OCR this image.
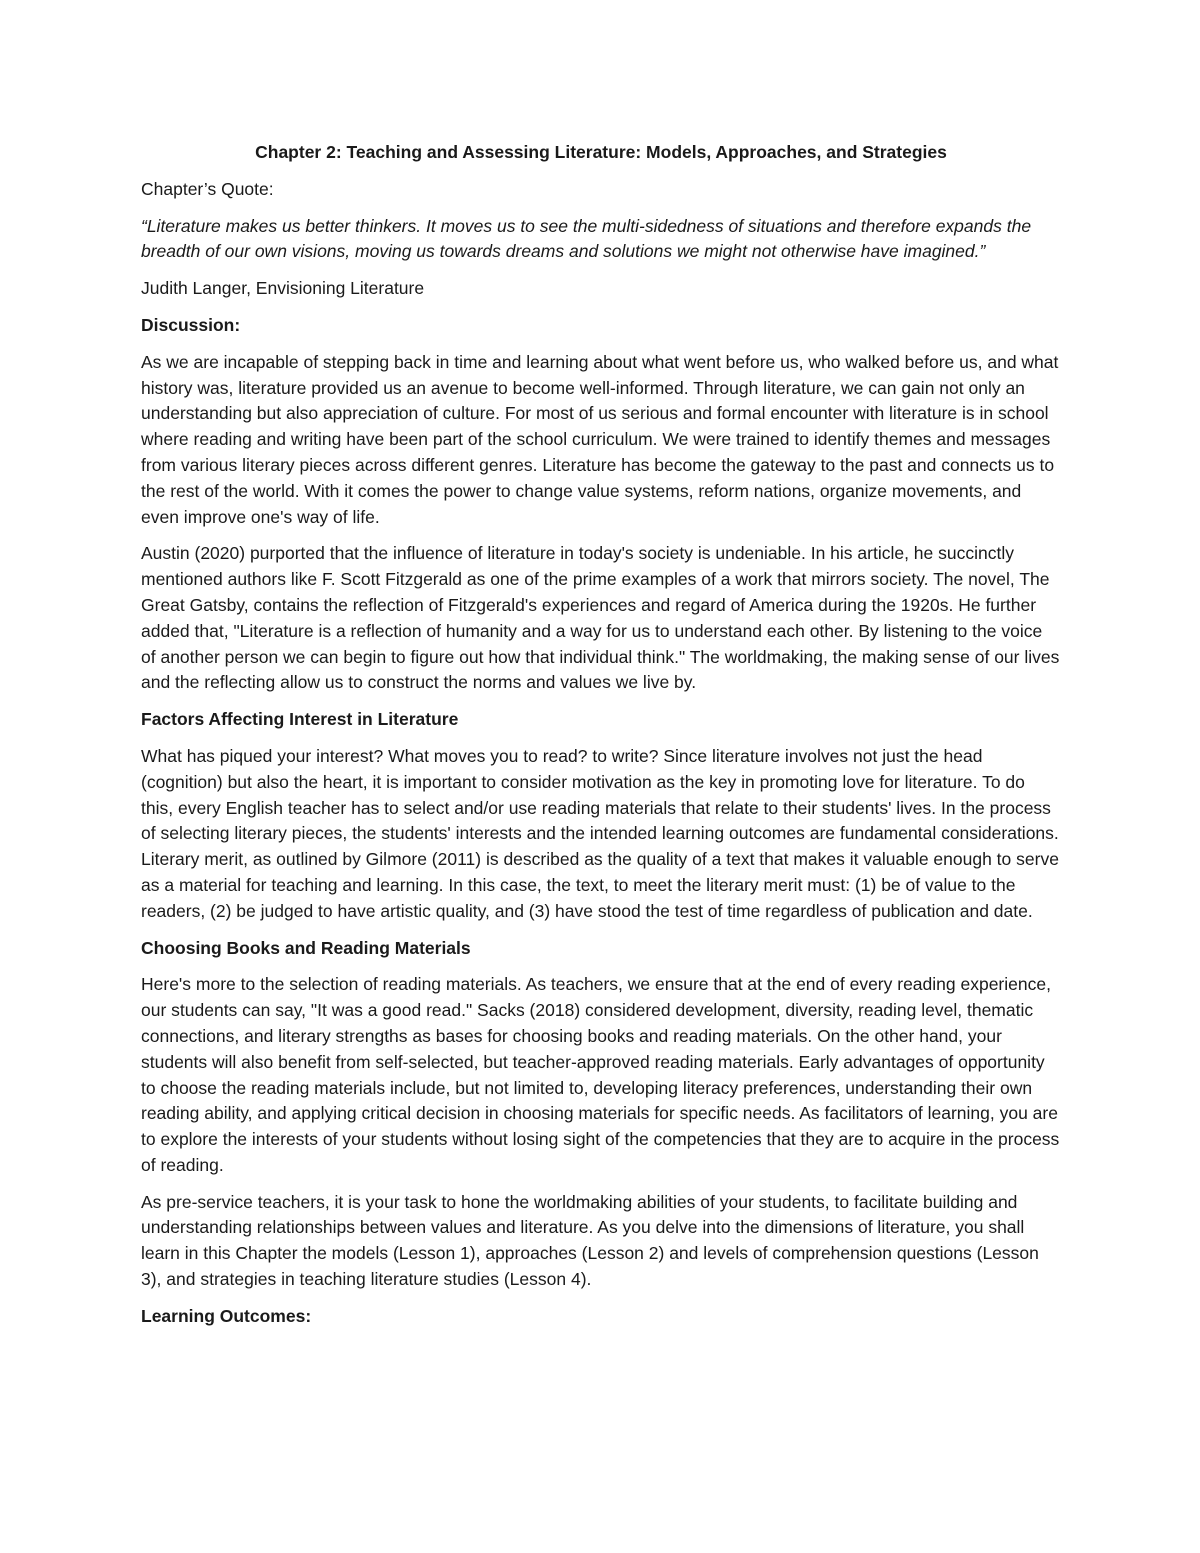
Chapter 2: Teaching and Assessing Literature: Models, Approaches, and Strategies

Chapter’s Quote:

“Literature makes us better thinkers. It moves us to see the multi-sidedness of situations and therefore expands the breadth of our own visions, moving us towards dreams and solutions we might not otherwise have imagined.”

Judith Langer, Envisioning Literature

Discussion:

As we are incapable of stepping back in time and learning about what went before us, who walked before us, and what history was, literature provided us an avenue to become well-informed. Through literature, we can gain not only an understanding but also appreciation of culture. For most of us serious and formal encounter with literature is in school where reading and writing have been part of the school curriculum. We were trained to identify themes and messages from various literary pieces across different genres. Literature has become the gateway to the past and connects us to the rest of the world. With it comes the power to change value systems, reform nations, organize movements, and even improve one's way of life.

Austin (2020) purported that the influence of literature in today's society is undeniable. In his article, he succinctly mentioned authors like F. Scott Fitzgerald as one of the prime examples of a work that mirrors society. The novel, The Great Gatsby, contains the reflection of Fitzgerald's experiences and regard of America during the 1920s. He further added that, "Literature is a reflection of humanity and a way for us to understand each other. By listening to the voice of another person we can begin to figure out how that individual think." The worldmaking, the making sense of our lives and the reflecting allow us to construct the norms and values we live by.

Factors Affecting Interest in Literature

What has piqued your interest? What moves you to read? to write? Since literature involves not just the head (cognition) but also the heart, it is important to consider motivation as the key in promoting love for literature. To do this, every English teacher has to select and/or use reading materials that relate to their students' lives. In the process of selecting literary pieces, the students' interests and the intended learning outcomes are fundamental considerations. Literary merit, as outlined by Gilmore (2011) is described as the quality of a text that makes it valuable enough to serve as a material for teaching and learning. In this case, the text, to meet the literary merit must: (1) be of value to the readers, (2) be judged to have artistic quality, and (3) have stood the test of time regardless of publication and date.

Choosing Books and Reading Materials

Here's more to the selection of reading materials. As teachers, we ensure that at the end of every reading experience, our students can say, "It was a good read." Sacks (2018) considered development, diversity, reading level, thematic connections, and literary strengths as bases for choosing books and reading materials. On the other hand, your students will also benefit from self-selected, but teacher-approved reading materials. Early advantages of opportunity to choose the reading materials include, but not limited to, developing literacy preferences, understanding their own reading ability, and applying critical decision in choosing materials for specific needs. As facilitators of learning, you are to explore the interests of your students without losing sight of the competencies that they are to acquire in the process of reading.

As pre-service teachers, it is your task to hone the worldmaking abilities of your students, to facilitate building and understanding relationships between values and literature. As you delve into the dimensions of literature, you shall learn in this Chapter the models (Lesson 1), approaches (Lesson 2) and levels of comprehension questions (Lesson 3), and strategies in teaching literature studies (Lesson 4).

Learning Outcomes:
